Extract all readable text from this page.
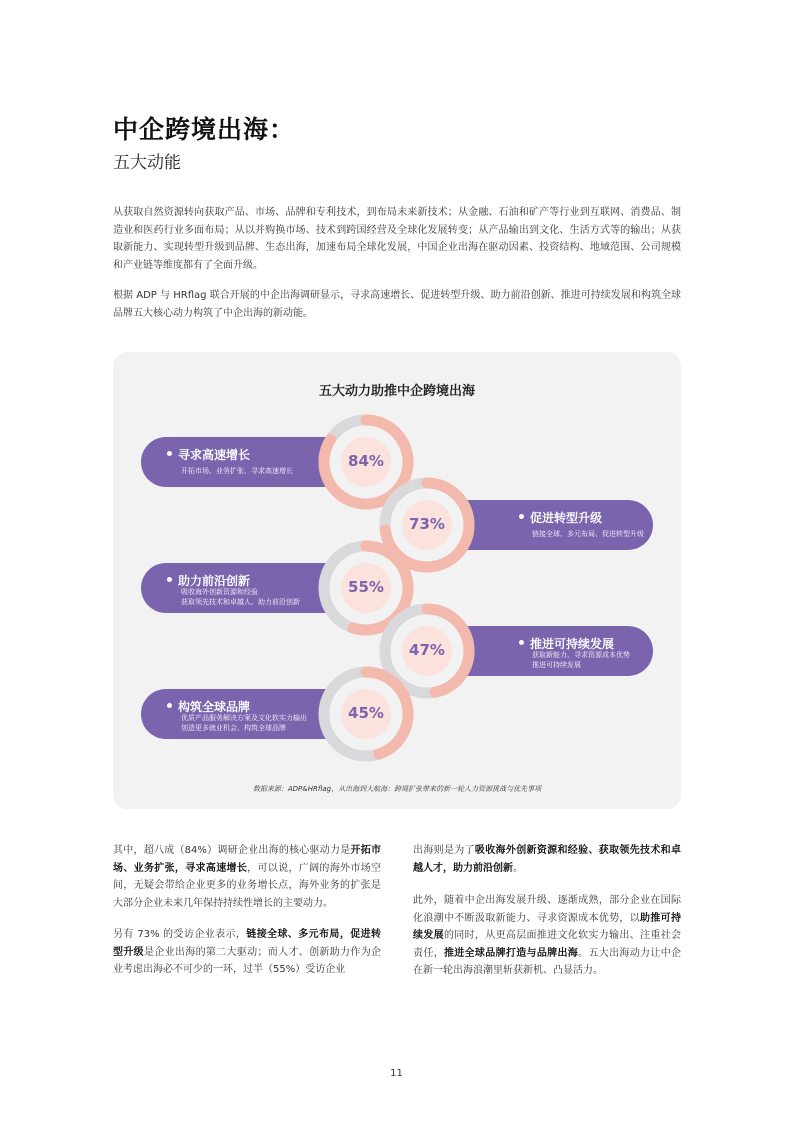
中企跨境出海：
五大动能
从获取自然资源转向获取产品、市场、品牌和专利技术，到布局未来新技术；从金融、石油和矿产等行业到互联网、消费品、制造业和医药行业多面布局；从以并购换市场、技术到跨国经营及全球化发展转变；从产品输出到文化、生活方式等的输出；从获取新能力、实现转型升级到品牌、生态出海，加速布局全球化发展，中国企业出海在驱动因素、投资结构、地域范围、公司规模和产业链等维度都有了全面升级。
根据 ADP 与 HRflag 联合开展的中企出海调研显示，寻求高速增长、促进转型升级、助力前沿创新、推进可持续发展和构筑全球品牌五大核心动力构筑了中企出海的新动能。
五大动力助推中企跨境出海
寻求高速增长
开拓市场、业务扩张、寻求高速增长
促进转型升级
链接全球、多元布局、促进转型升级
助力前沿创新
吸收海外创新资源和经验
获取领先技术和卓越人、助力前沿创新
推进可持续发展
获取新能力、寻求资源成本优势
推进可持续发展
构筑全球品牌
优质产品服务解决方案及文化软实力输出
创造更多就业机会、构筑全球品牌
数据来源：ADP&HRflag，从出海到大航海：跨境扩张带来的新一轮人力资源挑战与优先事项
84%
73%
55%
47%
45%
其中，超八成（84%）调研企业出海的核心驱动力是开拓市场、业务扩张，寻求高速增长，可以说，广阔的海外市场空间，无疑会带给企业更多的业务增长点，海外业务的扩张是大部分企业未来几年保持持续性增长的主要动力。
另有 73% 的受访企业表示，链接全球、多元布局，促进转型升级是企业出海的第二大驱动；而人才、创新助力作为企业考虑出海必不可少的一环，过半（55%）受访企业
出海则是为了吸收海外创新资源和经验、获取领先技术和卓越人才，助力前沿创新。
此外，随着中企出海发展升级、逐渐成熟，部分企业在国际化浪潮中不断汲取新能力、寻求资源成本优势，以助推可持续发展的同时，从更高层面推进文化软实力输出、注重社会责任，推进全球品牌打造与品牌出海。五大出海动力让中企在新一轮出海浪潮里斩获新机、凸显活力。
11
